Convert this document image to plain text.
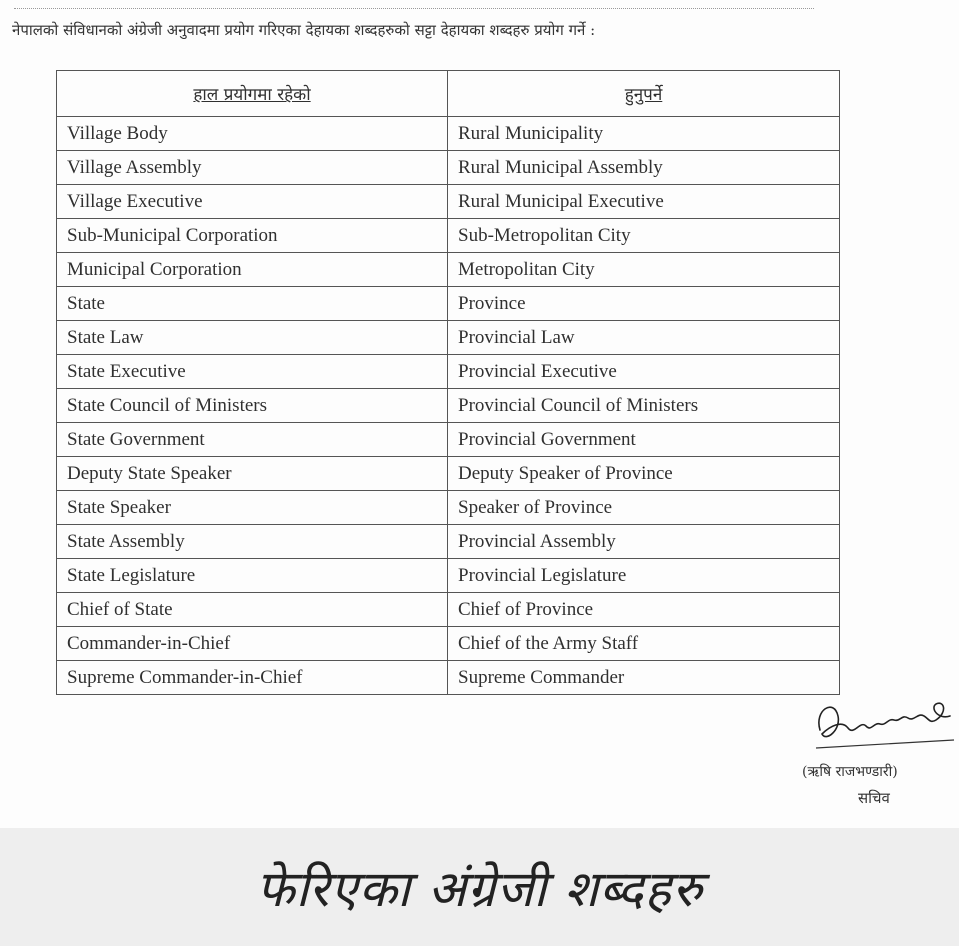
नेपालको संविधानको अंग्रेजी अनुवादमा प्रयोग गरिएका देहायका शब्दहरुको सट्टा देहायका शब्दहरु प्रयोग गर्ने :
हाल प्रयोगमा रहेको	हुनुपर्ने
Village Body	Rural Municipality
Village Assembly	Rural Municipal Assembly
Village Executive	Rural Municipal Executive
Sub-Municipal Corporation	Sub-Metropolitan City
Municipal Corporation	Metropolitan City
State	Province
State Law	Provincial Law
State Executive	Provincial Executive
State Council of Ministers	Provincial Council of Ministers
State Government	Provincial Government
Deputy State Speaker	Deputy Speaker of Province
State Speaker	Speaker of Province
State Assembly	Provincial Assembly
State Legislature	Provincial Legislature
Chief of State	Chief of Province
Commander-in-Chief	Chief of the Army Staff
Supreme Commander-in-Chief	Supreme Commander
(ऋषि राजभण्डारी)
सचिव
फेरिएका अंग्रेजी शब्दहरु
